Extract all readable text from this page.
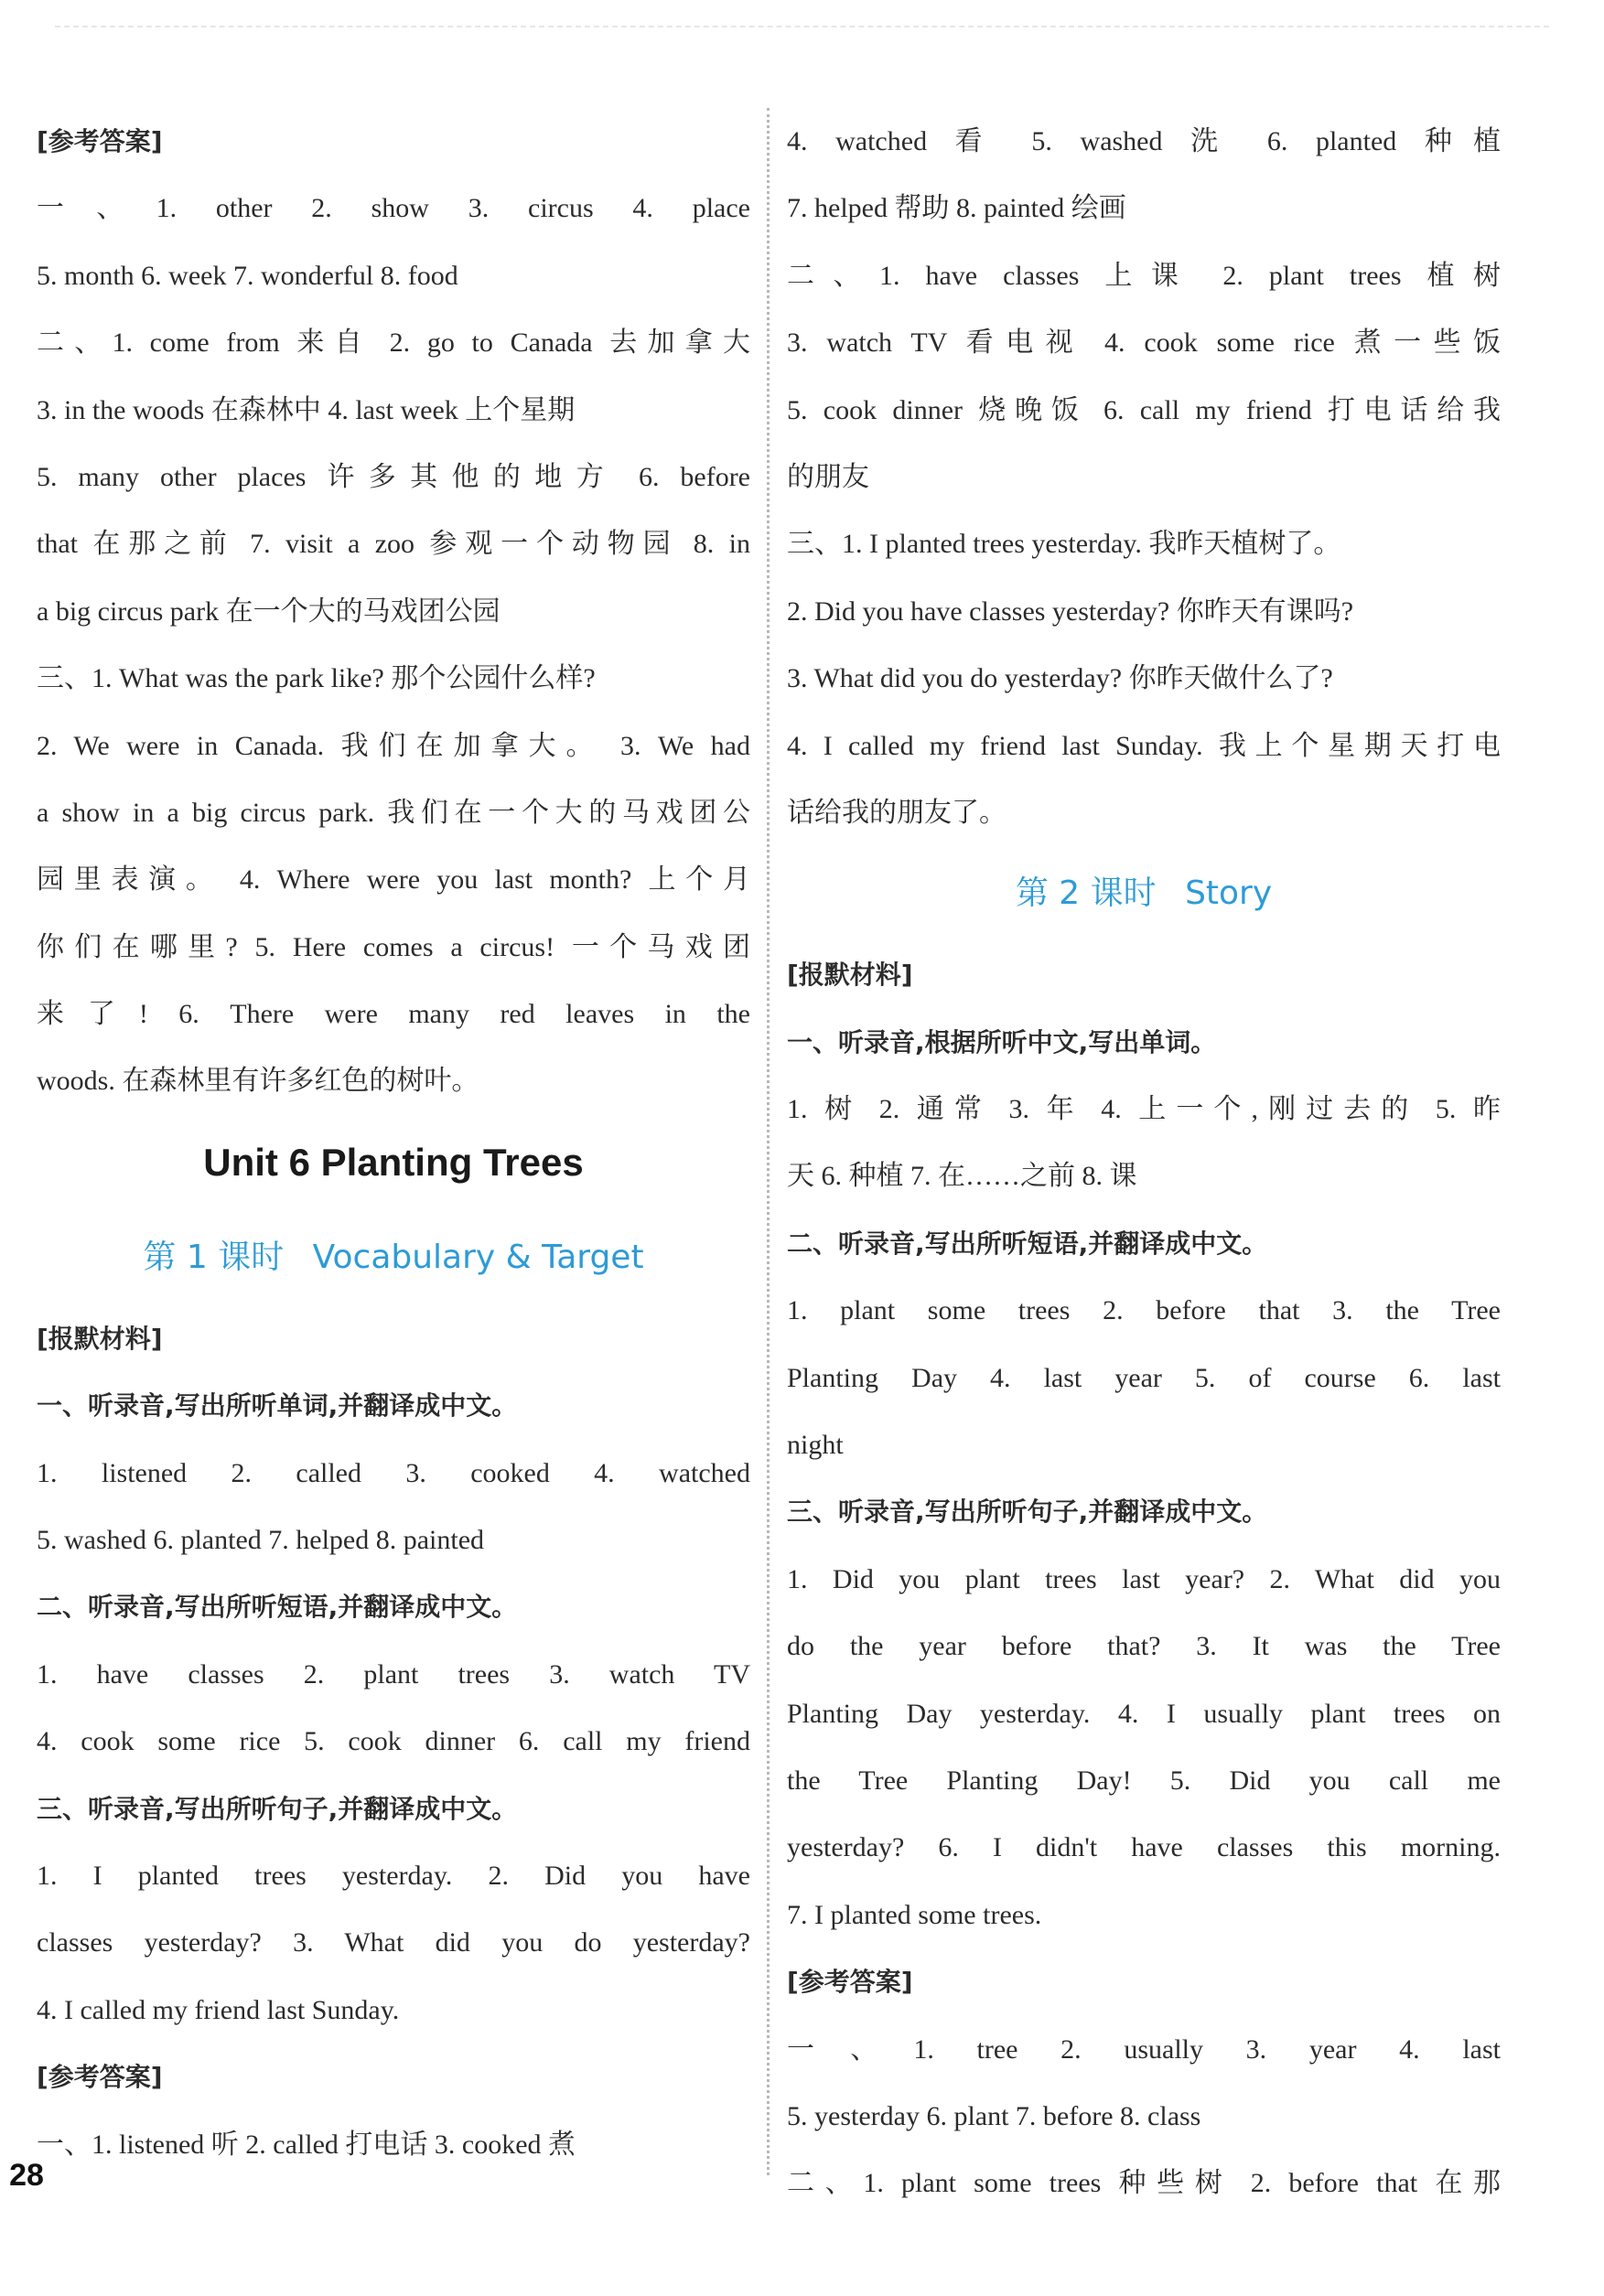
[参考答案]
一、1. other 2. show 3. circus 4. place
5. month 6. week 7. wonderful 8. food
二、1. come from 来自 2. go to Canada 去加拿大
3. in the woods 在森林中 4. last week 上个星期
5. many other places 许多其他的地方 6. before
that 在那之前 7. visit a zoo 参观一个动物园 8. in
a big circus park 在一个大的马戏团公园
三、1. What was the park like? 那个公园什么样?
2. We were in Canada. 我们在加拿大。 3. We had
a show in a big circus park. 我们在一个大的马戏团公
园里表演。 4. Where were you last month? 上个月
你们在哪里? 5. Here comes a circus! 一个马戏团
来了! 6. There were many red leaves in the
woods. 在森林里有许多红色的树叶。
Unit 6 Planting Trees
第 1 课时 Vocabulary & Target
[报默材料]
一、听录音,写出所听单词,并翻译成中文。
1. listened 2. called 3. cooked 4. watched
5. washed 6. planted 7. helped 8. painted
二、听录音,写出所听短语,并翻译成中文。
1. have classes 2. plant trees 3. watch TV
4. cook some rice 5. cook dinner 6. call my friend
三、听录音,写出所听句子,并翻译成中文。
1. I planted trees yesterday. 2. Did you have
classes yesterday? 3. What did you do yesterday?
4. I called my friend last Sunday.
[参考答案]
一、1. listened 听 2. called 打电话 3. cooked 煮
4. watched 看 5. washed 洗 6. planted 种植
7. helped 帮助 8. painted 绘画
二、1. have classes 上课 2. plant trees 植树
3. watch TV 看电视 4. cook some rice 煮一些饭
5. cook dinner 烧晚饭 6. call my friend 打电话给我
的朋友
三、1. I planted trees yesterday. 我昨天植树了。
2. Did you have classes yesterday? 你昨天有课吗?
3. What did you do yesterday? 你昨天做什么了?
4. I called my friend last Sunday. 我上个星期天打电
话给我的朋友了。
第 2 课时 Story
[报默材料]
一、听录音,根据所听中文,写出单词。
1. 树 2. 通常 3. 年 4. 上一个,刚过去的 5. 昨
天 6. 种植 7. 在……之前 8. 课
二、听录音,写出所听短语,并翻译成中文。
1. plant some trees 2. before that 3. the Tree
Planting Day 4. last year 5. of course 6. last
night
三、听录音,写出所听句子,并翻译成中文。
1. Did you plant trees last year? 2. What did you
do the year before that? 3. It was the Tree
Planting Day yesterday. 4. I usually plant trees on
the Tree Planting Day! 5. Did you call me
yesterday? 6. I didn't have classes this morning.
7. I planted some trees.
[参考答案]
一、1. tree 2. usually 3. year 4. last
5. yesterday 6. plant 7. before 8. class
二、1. plant some trees 种些树 2. before that 在那
28
